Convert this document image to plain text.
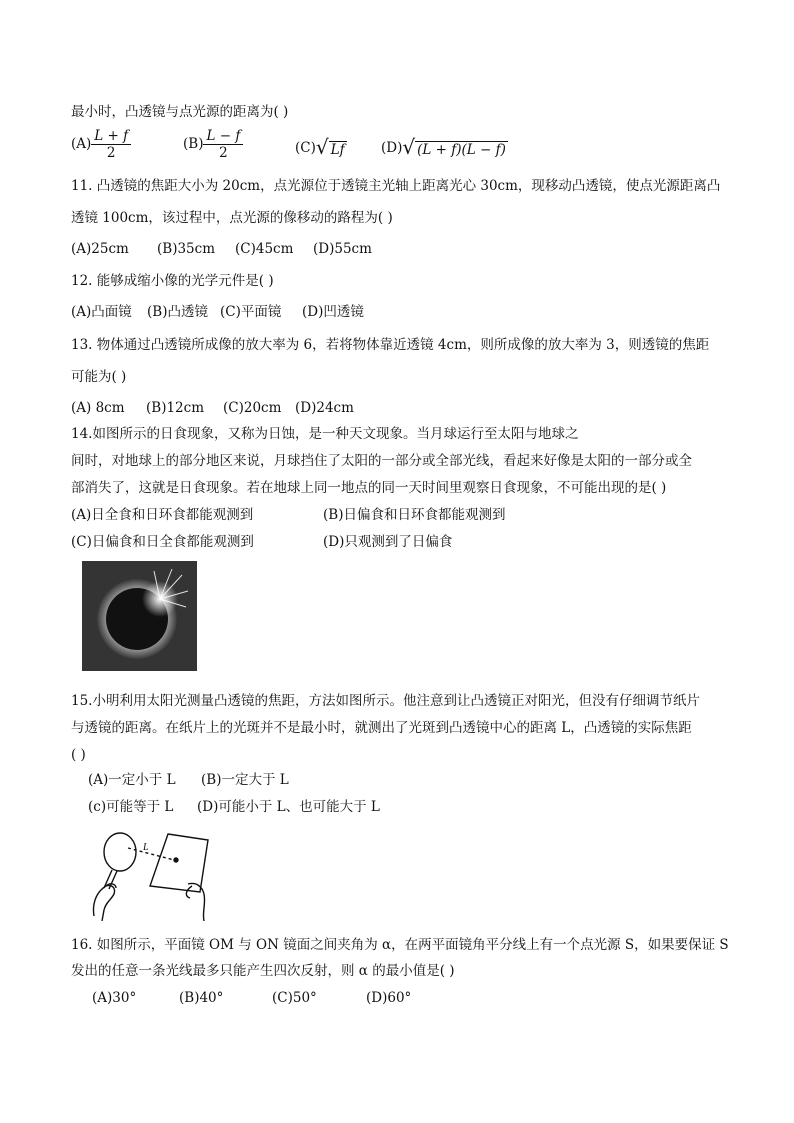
最小时，凸透镜与点光源的距离为( )
$(A) \frac{L + f}{2}$	$(B) \frac{L - f}{2}$	(C)√ Lf	(D)√ (L + f)(L − f)
11. 凸透镜的焦距大小为 20cm，点光源位于透镜主光轴上距离光心 30cm，现移动凸透镜，使点光源距离凸
透镜 100cm，该过程中，点光源的像移动的路程为( )
(A)25cm (B)35cm (C)45cm (D)55cm
12. 能够成缩小像的光学元件是( )
(A)凸面镜 (B)凸透镜 (C)平面镜 (D)凹透镜
13. 物体通过凸透镜所成像的放大率为 6，若将物体靠近透镜 4cm，则所成像的放大率为 3，则透镜的焦距
可能为( )
(A) 8cm (B)12cm (C)20cm (D)24cm
14.如图所示的日食现象，又称为日蚀，是一种天文现象。当月球运行至太阳与地球之
间时，对地球上的部分地区来说，月球挡住了太阳的一部分或全部光线，看起来好像是太阳的一部分或全
部消失了，这就是日食现象。若在地球上同一地点的同一天时间里观察日食现象，不可能出现的是( )
(A)日全食和日环食都能观测到	(B)日偏食和日环食都能观测到
(C)日偏食和日全食都能观测到	(D)只观测到了日偏食
15.小明利用太阳光测量凸透镜的焦距，方法如图所示。他注意到让凸透镜正对阳光，但没有仔细调节纸片
与透镜的距离。在纸片上的光斑并不是最小时，就测出了光斑到凸透镜中心的距离 L，凸透镜的实际焦距
( )
(A)一定小于 L (B)一定大于 L
(c)可能等于 L (D)可能小于 L、也可能大于 L
L
16. 如图所示，平面镜 OM 与 ON 镜面之间夹角为 α，在两平面镜角平分线上有一个点光源 S，如果要保证 S
发出的任意一条光线最多只能产生四次反射，则 α 的最小值是( )
(A)30°	(B)40°	(C)50°	(D)60°
